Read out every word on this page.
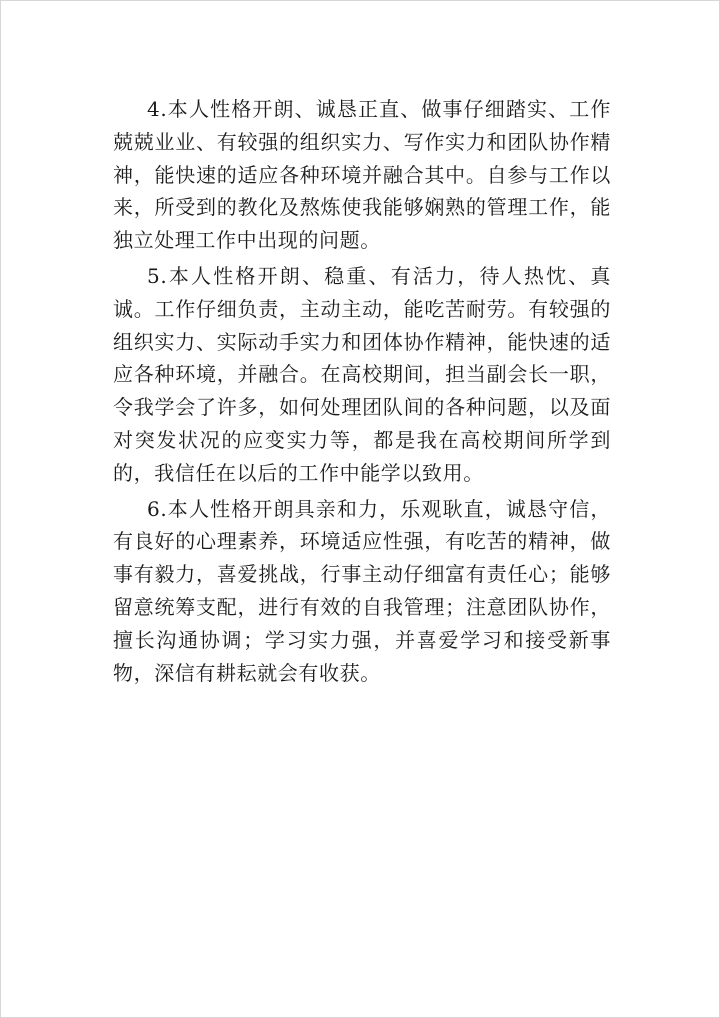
4.本人性格开朗、诚恳正直、做事仔细踏实、工作兢兢业业、有较强的组织实力、写作实力和团队协作精神，能快速的适应各种环境并融合其中。自参与工作以来，所受到的教化及熬炼使我能够娴熟的管理工作，能独立处理工作中出现的问题。

5.本人性格开朗、稳重、有活力，待人热忱、真诚。工作仔细负责，主动主动，能吃苦耐劳。有较强的组织实力、实际动手实力和团体协作精神，能快速的适应各种环境，并融合。在高校期间，担当副会长一职，令我学会了许多，如何处理团队间的各种问题，以及面对突发状况的应变实力等，都是我在高校期间所学到的，我信任在以后的工作中能学以致用。

6.本人性格开朗具亲和力，乐观耿直，诚恳守信，有良好的心理素养，环境适应性强，有吃苦的精神，做事有毅力，喜爱挑战，行事主动仔细富有责任心；能够留意统筹支配，进行有效的自我管理；注意团队协作，擅长沟通协调；学习实力强，并喜爱学习和接受新事物，深信有耕耘就会有收获。
